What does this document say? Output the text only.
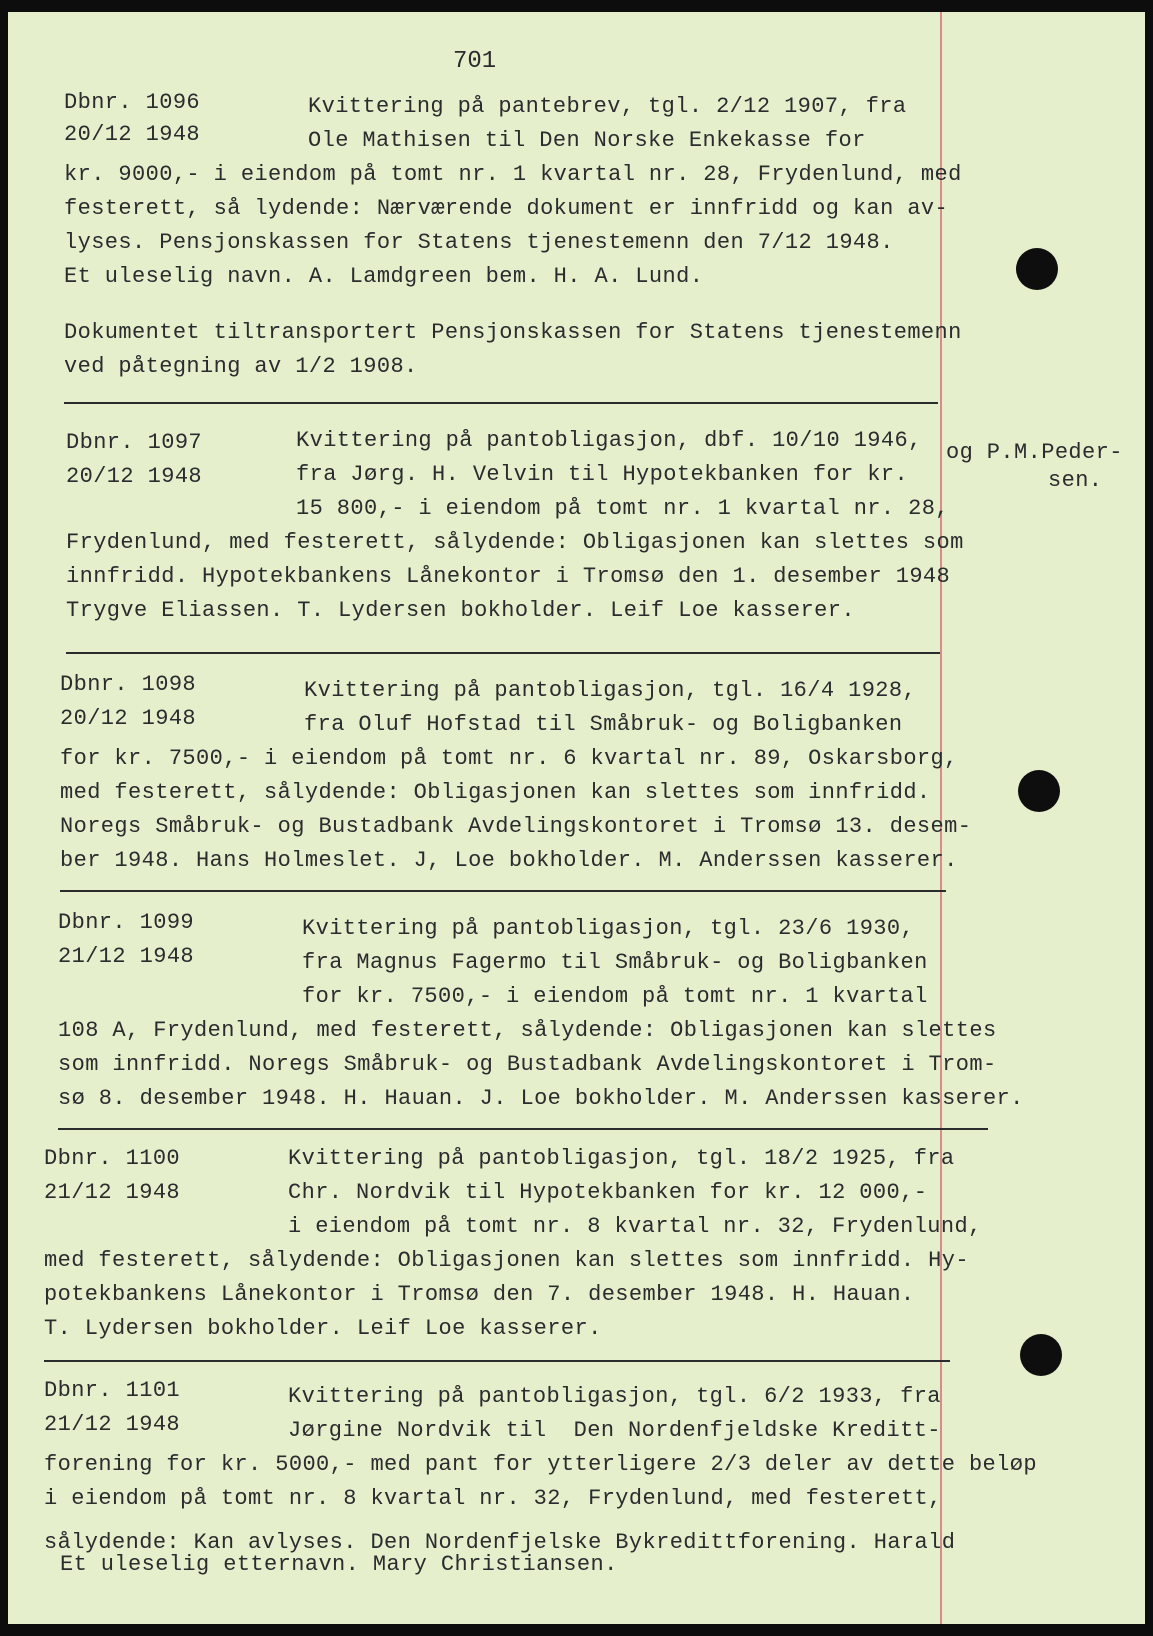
701
Dbnr. 1096
20/12 1948
Kvittering på pantebrev, tgl. 2/12 1907, fra
Ole Mathisen til Den Norske Enkekasse for
kr. 9000,- i eiendom på tomt nr. 1 kvartal nr. 28, Frydenlund, med
festerett, så lydende: Nærværende dokument er innfridd og kan av-
lyses. Pensjonskassen for Statens tjenestemenn den 7/12 1948.
Et uleselig navn. A. Lamdgreen bem. H. A. Lund.
Dokumentet tiltransportert Pensjonskassen for Statens tjenestemenn
ved påtegning av 1/2 1908.
Dbnr. 1097
20/12 1948
Kvittering på pantobligasjon, dbf. 10/10 1946,
fra Jørg. H. Velvin til Hypotekbanken for kr.
15 800,- i eiendom på tomt nr. 1 kvartal nr. 28,
Frydenlund, med festerett, sålydende: Obligasjonen kan slettes som
innfridd. Hypotekbankens Lånekontor i Tromsø den 1. desember 1948
Trygve Eliassen. T. Lydersen bokholder. Leif Loe kasserer.
og P.M.Peder-
sen.
Dbnr. 1098
20/12 1948
Kvittering på pantobligasjon, tgl. 16/4 1928,
fra Oluf Hofstad til Småbruk- og Boligbanken
for kr. 7500,- i eiendom på tomt nr. 6 kvartal nr. 89, Oskarsborg,
med festerett, sålydende: Obligasjonen kan slettes som innfridd.
Noregs Småbruk- og Bustadbank Avdelingskontoret i Tromsø 13. desem-
ber 1948. Hans Holmeslet. J, Loe bokholder. M. Anderssen kasserer.
Dbnr. 1099
21/12 1948
Kvittering på pantobligasjon, tgl. 23/6 1930,
fra Magnus Fagermo til Småbruk- og Boligbanken
for kr. 7500,- i eiendom på tomt nr. 1 kvartal
108 A, Frydenlund, med festerett, sålydende: Obligasjonen kan slettes
som innfridd. Noregs Småbruk- og Bustadbank Avdelingskontoret i Trom-
sø 8. desember 1948. H. Hauan. J. Loe bokholder. M. Anderssen kasserer.
Dbnr. 1100
21/12 1948
Kvittering på pantobligasjon, tgl. 18/2 1925, fra
Chr. Nordvik til Hypotekbanken for kr. 12 000,-
i eiendom på tomt nr. 8 kvartal nr. 32, Frydenlund,
med festerett, sålydende: Obligasjonen kan slettes som innfridd. Hy-
potekbankens Lånekontor i Tromsø den 7. desember 1948. H. Hauan.
T. Lydersen bokholder. Leif Loe kasserer.
Dbnr. 1101
21/12 1948
Kvittering på pantobligasjon, tgl. 6/2 1933, fra
Jørgine Nordvik til  Den Nordenfjeldske Kreditt-
forening for kr. 5000,- med pant for ytterligere 2/3 deler av dette beløp
i eiendom på tomt nr. 8 kvartal nr. 32, Frydenlund, med festerett,
sålydende: Kan avlyses. Den Nordenfjelske Bykredittforening. Harald
Et uleselig etternavn. Mary Christiansen.
